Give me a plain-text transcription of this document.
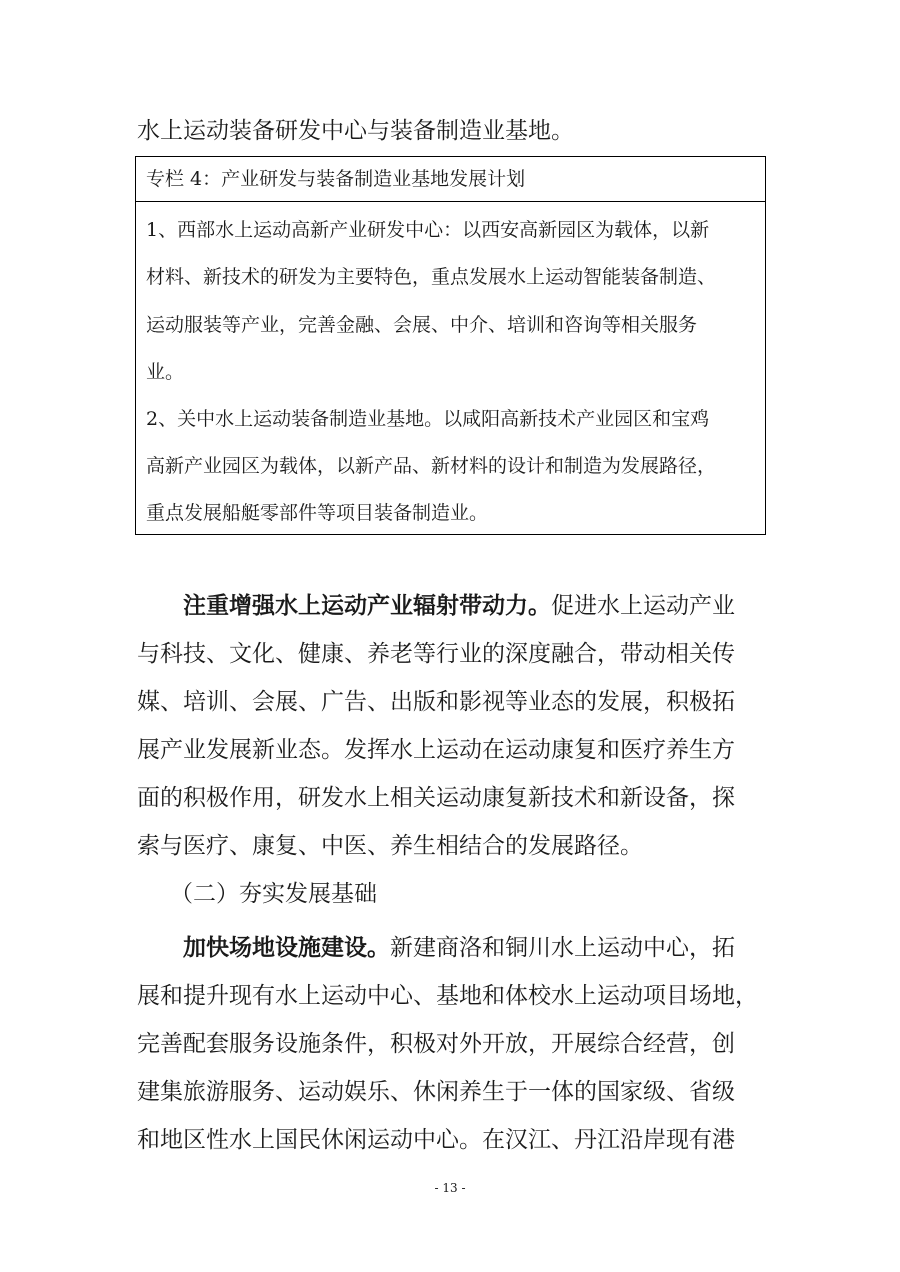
水上运动装备研发中心与装备制造业基地。
专栏 4：产业研发与装备制造业基地发展计划
1、西部水上运动高新产业研发中心：以西安高新园区为载体，以新
材料、新技术的研发为主要特色，重点发展水上运动智能装备制造、
运动服装等产业，完善金融、会展、中介、培训和咨询等相关服务
业。
2、关中水上运动装备制造业基地。以咸阳高新技术产业园区和宝鸡
高新产业园区为载体，以新产品、新材料的设计和制造为发展路径，
重点发展船艇零部件等项目装备制造业。
注重增强水上运动产业辐射带动力。促进水上运动产业
与科技、文化、健康、养老等行业的深度融合，带动相关传
媒、培训、会展、广告、出版和影视等业态的发展，积极拓
展产业发展新业态。发挥水上运动在运动康复和医疗养生方
面的积极作用，研发水上相关运动康复新技术和新设备，探
索与医疗、康复、中医、养生相结合的发展路径。
（二）夯实发展基础
加快场地设施建设。新建商洛和铜川水上运动中心，拓
展和提升现有水上运动中心、基地和体校水上运动项目场地，
完善配套服务设施条件，积极对外开放，开展综合经营，创
建集旅游服务、运动娱乐、休闲养生于一体的国家级、省级
和地区性水上国民休闲运动中心。在汉江、丹江沿岸现有港
- 13 -
